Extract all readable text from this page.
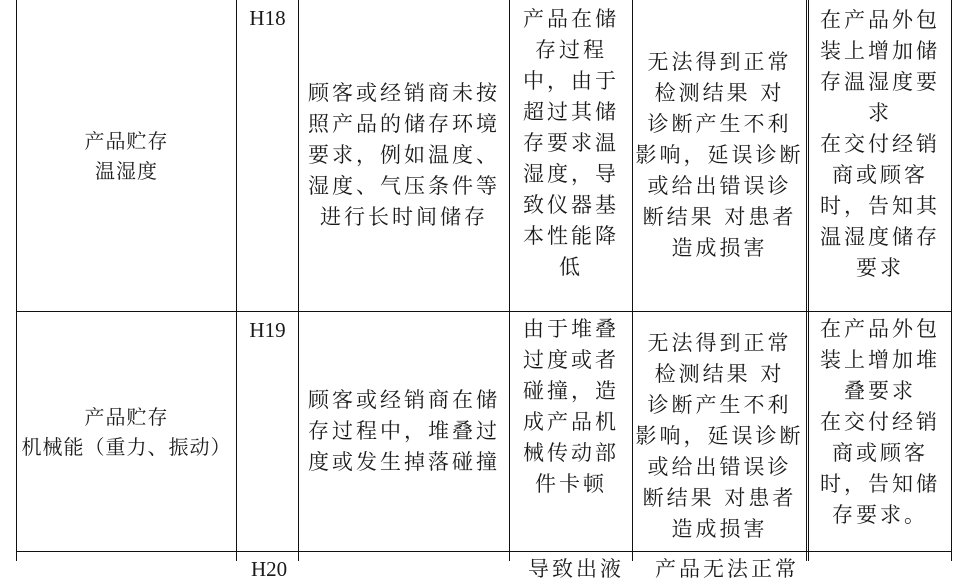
产品贮存
温湿度
H18
顾客或经销商未按
照产品的储存环境
要求，例如温度、
湿度、气压条件等
进行长时间储存
产品在储
存过程
中，由于
超过其储
存要求温
湿度，导
致仪器基
本性能降
低
无法得到正常
检测结果 对
诊断产生不利
影响，延误诊断
或给出错误诊
断结果 对患者
造成损害
在产品外包
装上增加储
存温湿度要
求
在交付经销
商或顾客
时，告知其
温湿度储存
要求
产品贮存
机械能（重力、振动）
H19
顾客或经销商在储
存过程中，堆叠过
度或发生掉落碰撞
由于堆叠
过度或者
碰撞，造
成产品机
械传动部
件卡顿
无法得到正常
检测结果 对
诊断产生不利
影响，延误诊断
或给出错误诊
断结果 对患者
造成损害
在产品外包
装上增加堆
叠要求
在交付经销
商或顾客
时，告知储
存要求。
H20	导致出液 产品无法正常
